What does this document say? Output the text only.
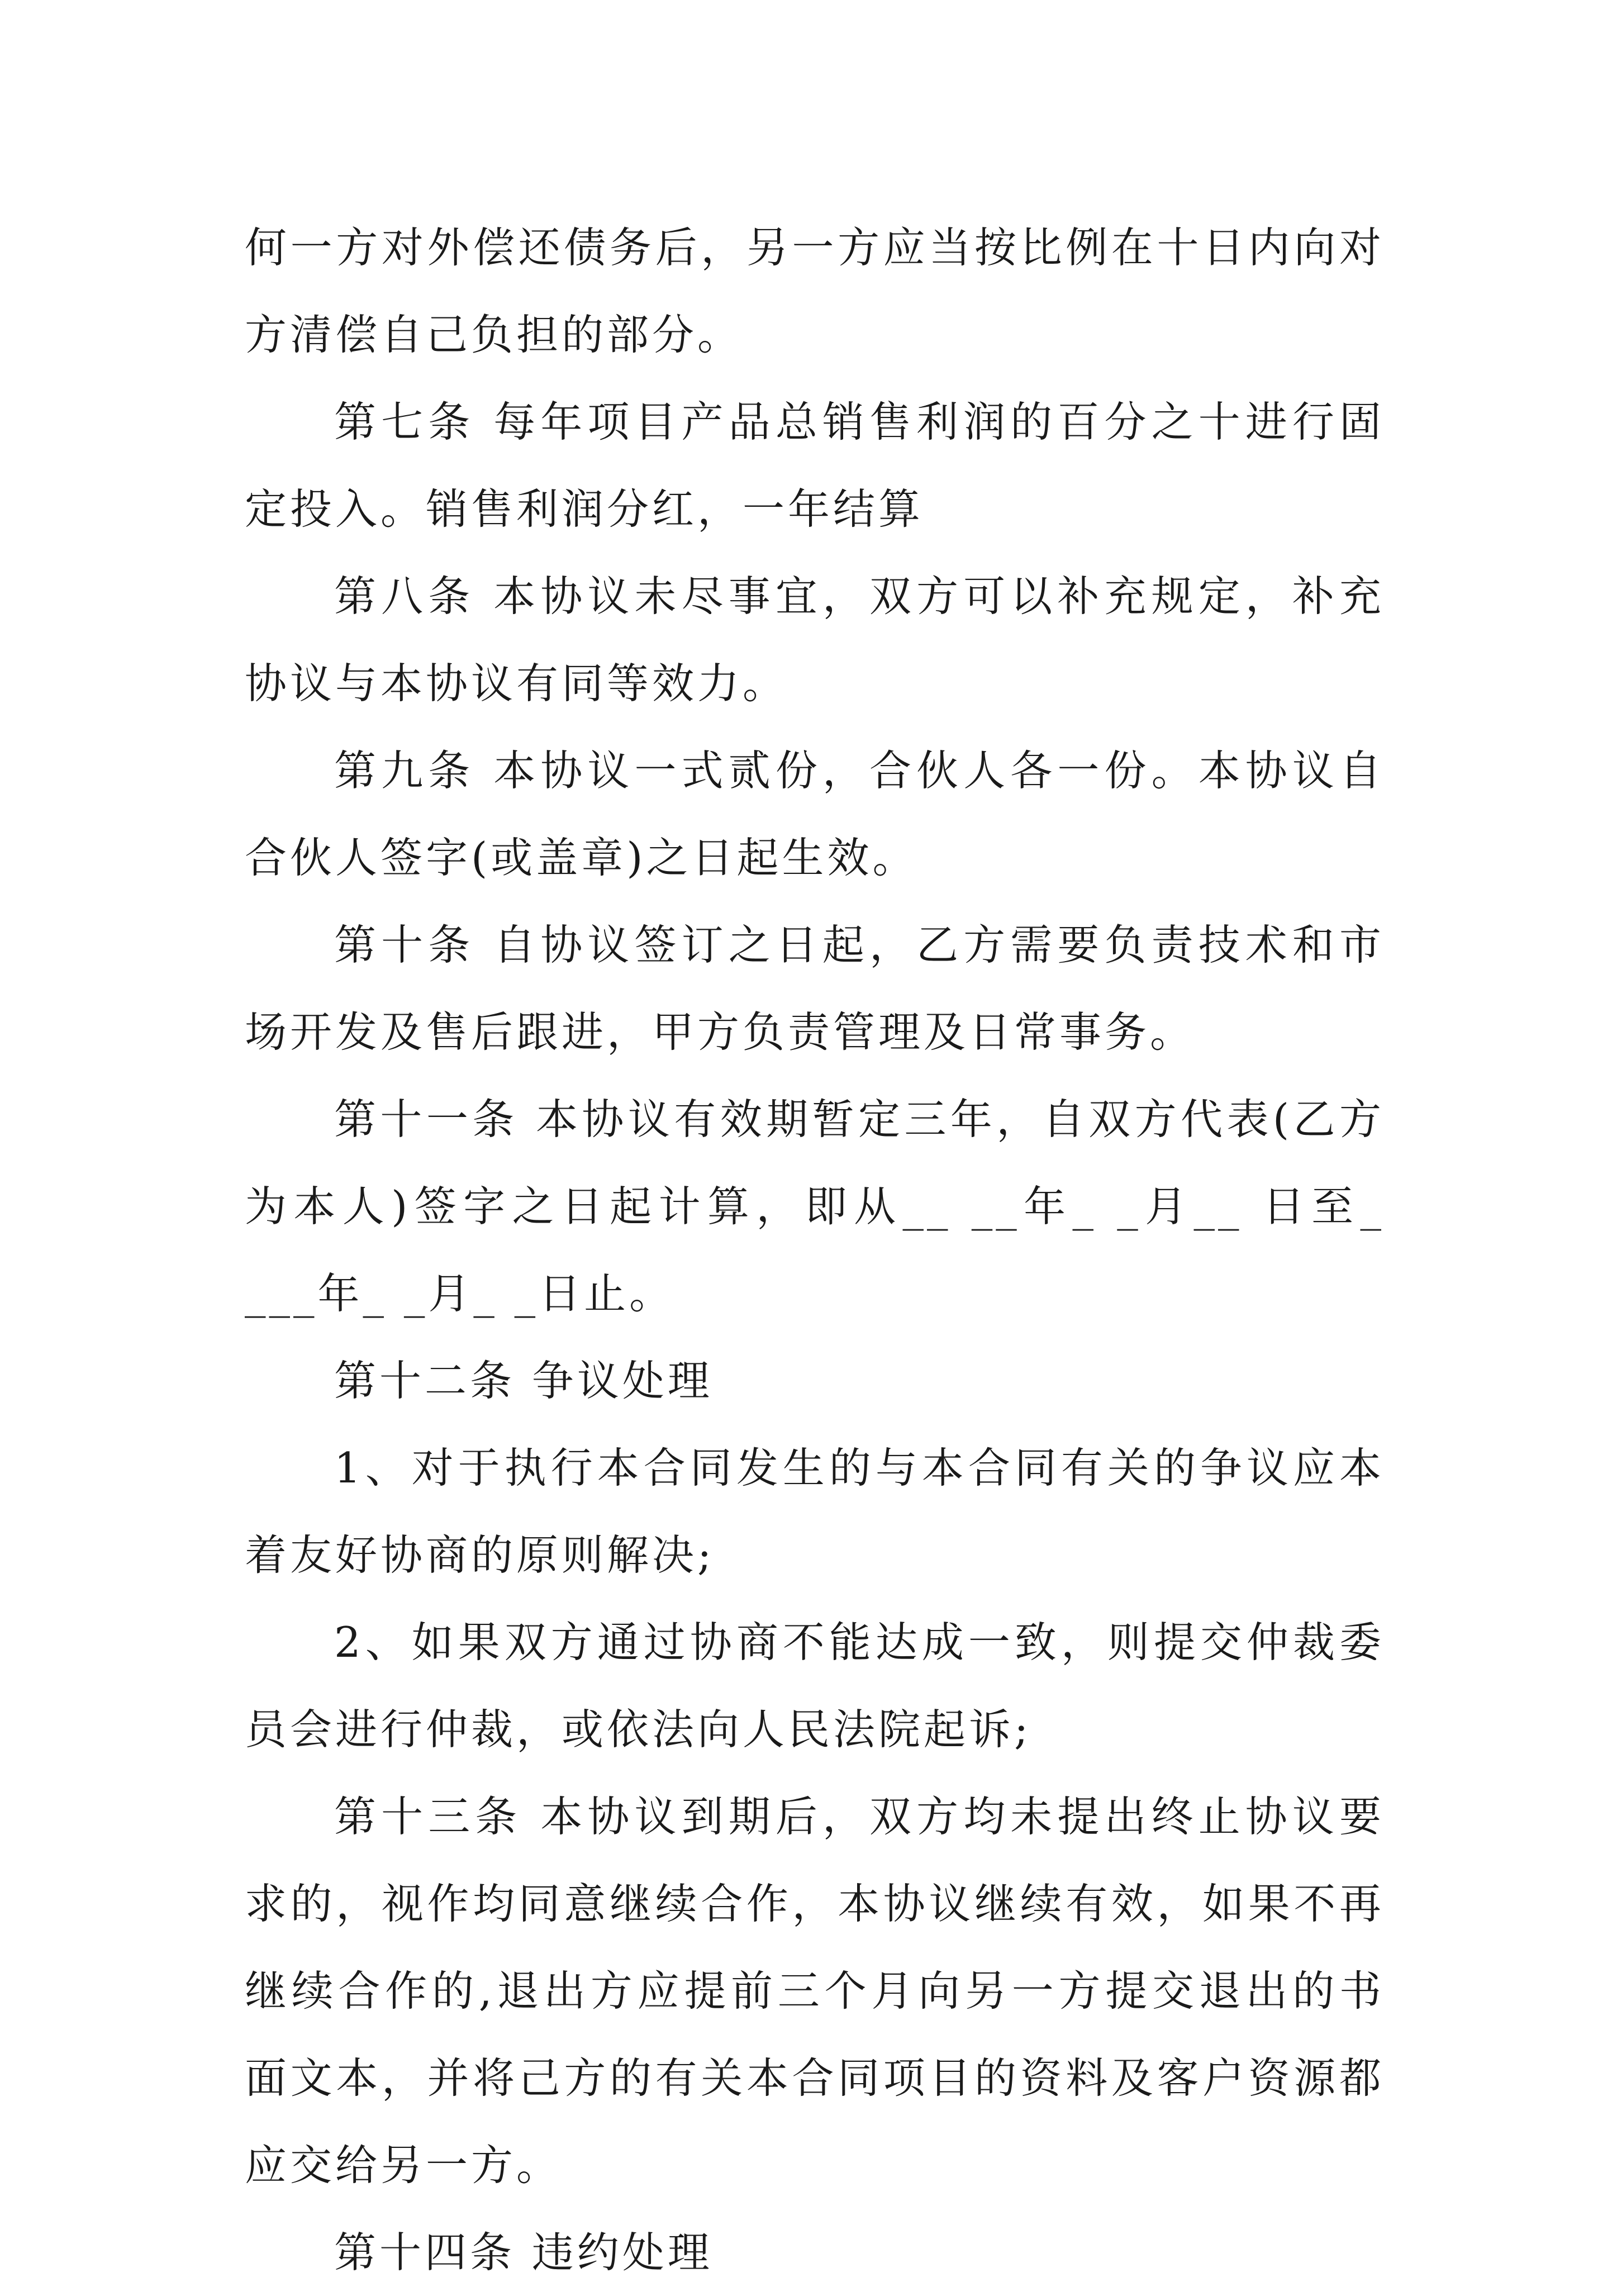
何一方对外偿还债务后，另一方应当按比例在十日内向对方清偿自己负担的部分。

第七条 每年项目产品总销售利润的百分之十进行固定投入。销售利润分红，一年结算

第八条 本协议未尽事宜，双方可以补充规定，补充协议与本协议有同等效力。

第九条 本协议一式贰份，合伙人各一份。本协议自合伙人签字(或盖章)之日起生效。

第十条 自协议签订之日起，乙方需要负责技术和市场开发及售后跟进，甲方负责管理及日常事务。

第十一条 本协议有效期暂定三年，自双方代表(乙方为本人)签字之日起计算，即从__ __年_ _月__ 日至_ ___年_ _月_ _日止。

第十二条 争议处理

1、对于执行本合同发生的与本合同有关的争议应本着友好协商的原则解决;

2、如果双方通过协商不能达成一致，则提交仲裁委员会进行仲裁，或依法向人民法院起诉;

第十三条 本协议到期后，双方均未提出终止协议要求的，视作均同意继续合作，本协议继续有效，如果不再继续合作的,退出方应提前三个月向另一方提交退出的书面文本，并将己方的有关本合同项目的资料及客户资源都应交给另一方。

第十四条 违约处理
